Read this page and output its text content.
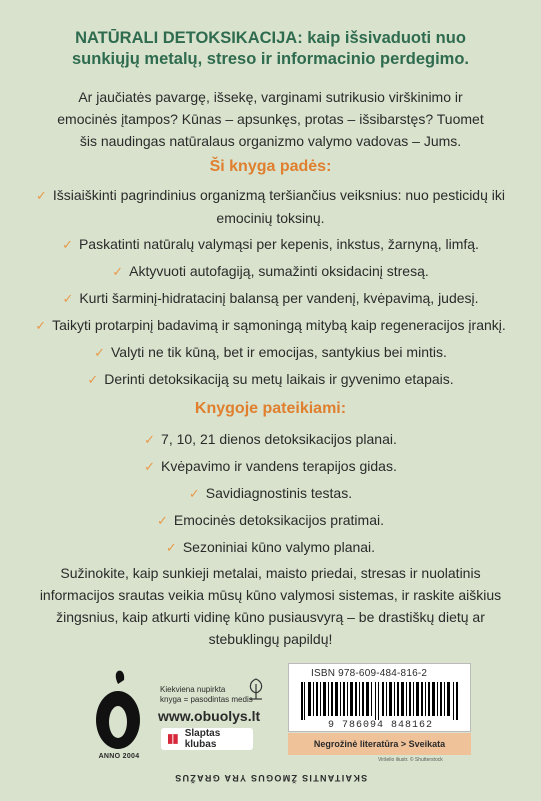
NATŪRALI DETOKSIKACIJA: kaip išsivaduoti nuo
sunkiųjų metalų, streso ir informacinio perdegimo.
Ar jaučiatės pavargę, išsekę, varginami sutrikusio virškinimo ir
emocinės įtampos? Kūnas – apsunkęs, protas – išsibarstęs? Tuomet
šis naudingas natūralaus organizmo valymo vadovas – Jums.
Ši knyga padės:
✓ Išsiaiškinti pagrindinius organizmą teršiančius veiksnius: nuo pesticidų iki
emocinių toksinų.
✓ Paskatinti natūralų valymąsi per kepenis, inkstus, žarnyną, limfą.
✓ Aktyvuoti autofagiją, sumažinti oksidacinį stresą.
✓ Kurti šarminį-hidratacinį balansą per vandenį, kvėpavimą, judesį.
✓ Taikyti protarpinį badavimą ir sąmoningą mitybą kaip regeneracijos įrankį.
✓ Valyti ne tik kūną, bet ir emocijas, santykius bei mintis.
✓ Derinti detoksikaciją su metų laikais ir gyvenimo etapais.
Knygoje pateikiami:
✓ 7, 10, 21 dienos detoksikacijos planai.
✓ Kvėpavimo ir vandens terapijos gidas.
✓ Savidiagnostinis testas.
✓ Emocinės detoksikacijos pratimai.
✓ Sezoniniai kūno valymo planai.
Sužinokite, kaip sunkieji metalai, maisto priedai, stresas ir nuolatinis
informacijos srautas veikia mūsų kūno valymosi sistemas, ir raskite aiškius
žingsnius, kaip atkurti vidinę kūno pusiausvyrą – be drastiškų dietų ar
stebuklingų papildų!
ANNO 2004
Kiekviena nupirkta
knyga = pasodintas medis
www.obuolys.lt
Slaptas klubas
ISBN 978-609-484-816-2
9 786094 848162
Negrožinė literatūra > Sveikata
Viršelio iliustr. © Shutterstock
SKAITANTIS ŽMOGUS YRA GRAŽUS
